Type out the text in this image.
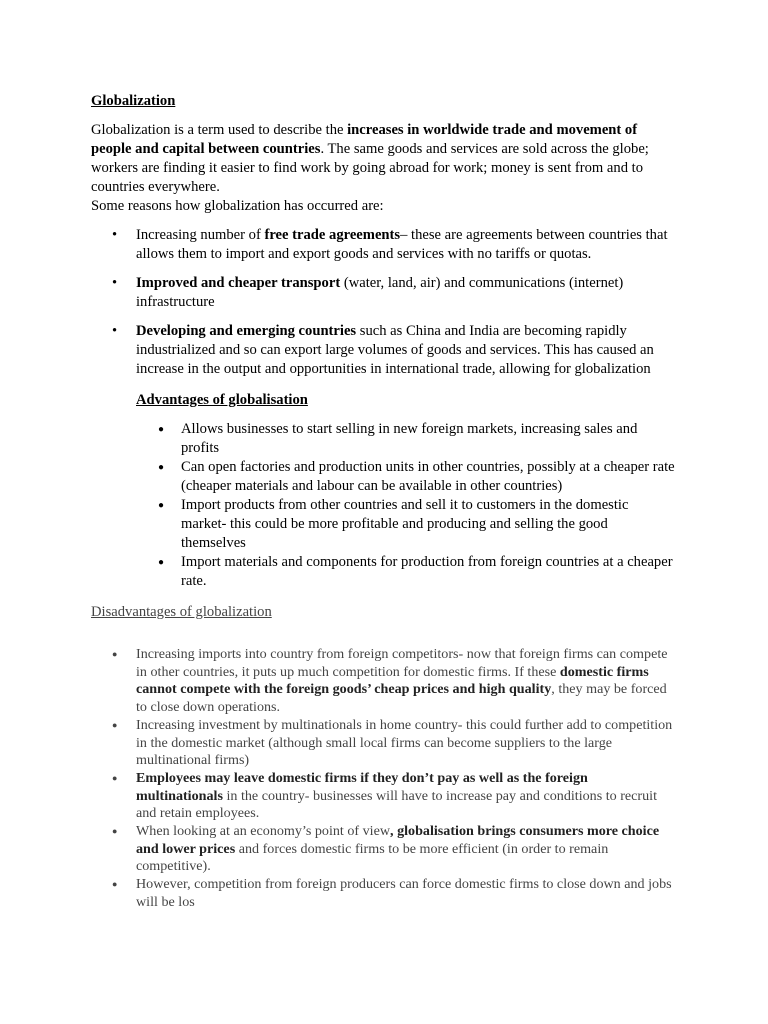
Globalization

Globalization is a term used to describe the increases in worldwide trade and movement of people and capital between countries. The same goods and services are sold across the globe; workers are finding it easier to find work by going abroad for work; money is sent from and to countries everywhere.

Some reasons how globalization has occurred are:

• Increasing number of free trade agreements– these are agreements between countries that allows them to import and export goods and services with no tariffs or quotas.
• Improved and cheaper transport (water, land, air) and communications (internet) infrastructure
• Developing and emerging countries such as China and India are becoming rapidly industrialized and so can export large volumes of goods and services. This has caused an increase in the output and opportunities in international trade, allowing for globalization

Advantages of globalisation

● Allows businesses to start selling in new foreign markets, increasing sales and profits
● Can open factories and production units in other countries, possibly at a cheaper rate (cheaper materials and labour can be available in other countries)
● Import products from other countries and sell it to customers in the domestic market- this could be more profitable and producing and selling the good themselves
● Import materials and components for production from foreign countries at a cheaper rate.

Disadvantages of globalization

● Increasing imports into country from foreign competitors- now that foreign firms can compete in other countries, it puts up much competition for domestic firms. If these domestic firms cannot compete with the foreign goods’ cheap prices and high quality, they may be forced to close down operations.
● Increasing investment by multinationals in home country- this could further add to competition in the domestic market (although small local firms can become suppliers to the large multinational firms)
● Employees may leave domestic firms if they don’t pay as well as the foreign multinationals in the country- businesses will have to increase pay and conditions to recruit and retain employees.
● When looking at an economy’s point of view, globalisation brings consumers more choice and lower prices and forces domestic firms to be more efficient (in order to remain competitive).
● However, competition from foreign producers can force domestic firms to close down and jobs will be los
